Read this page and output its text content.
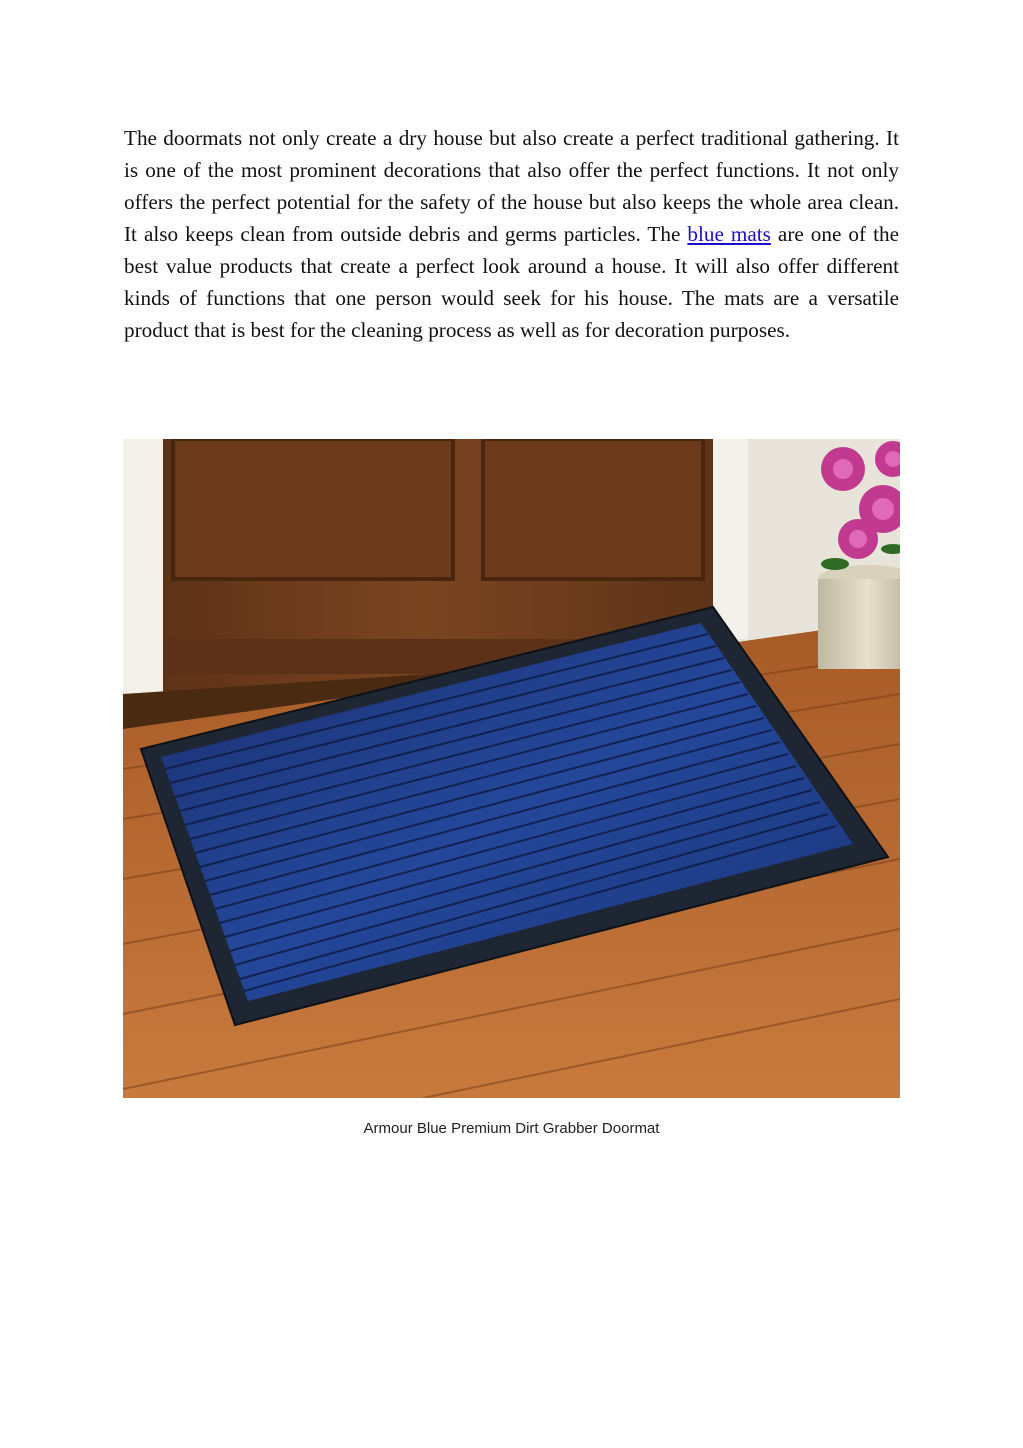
The doormats not only create a dry house but also create a perfect traditional gathering. It is one of the most prominent decorations that also offer the perfect functions. It not only offers the perfect potential for the safety of the house but also keeps the whole area clean. It also keeps clean from outside debris and germs particles. The blue mats are one of the best value products that create a perfect look around a house. It will also offer different kinds of functions that one person would seek for his house. The mats are a versatile product that is best for the cleaning process as well as for decoration purposes.

Armour Blue Premium Dirt Grabber Doormat
